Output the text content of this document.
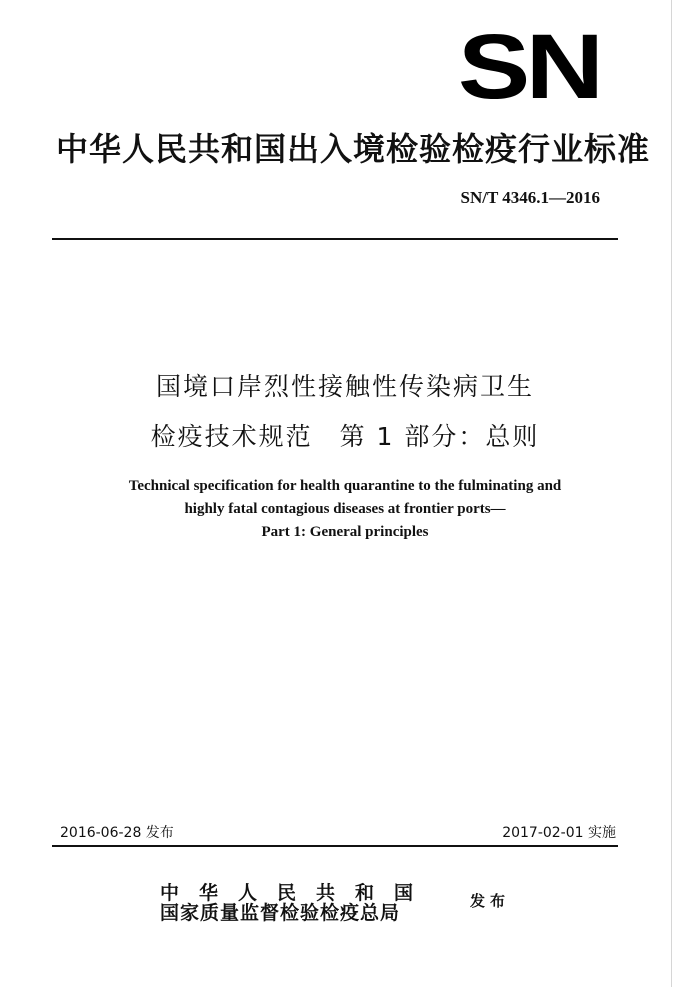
SN
中华人民共和国出入境检验检疫行业标准
SN/T 4346.1—2016
国境口岸烈性接触性传染病卫生
检疫技术规范　第 1 部分：总则
Technical specification for health quarantine to the fulminating and
highly fatal contagious diseases at frontier ports—
Part 1: General principles
2016-06-28 发布	2017-02-01 实施
中华人民共和国
国家质量监督检验检疫总局
发布
